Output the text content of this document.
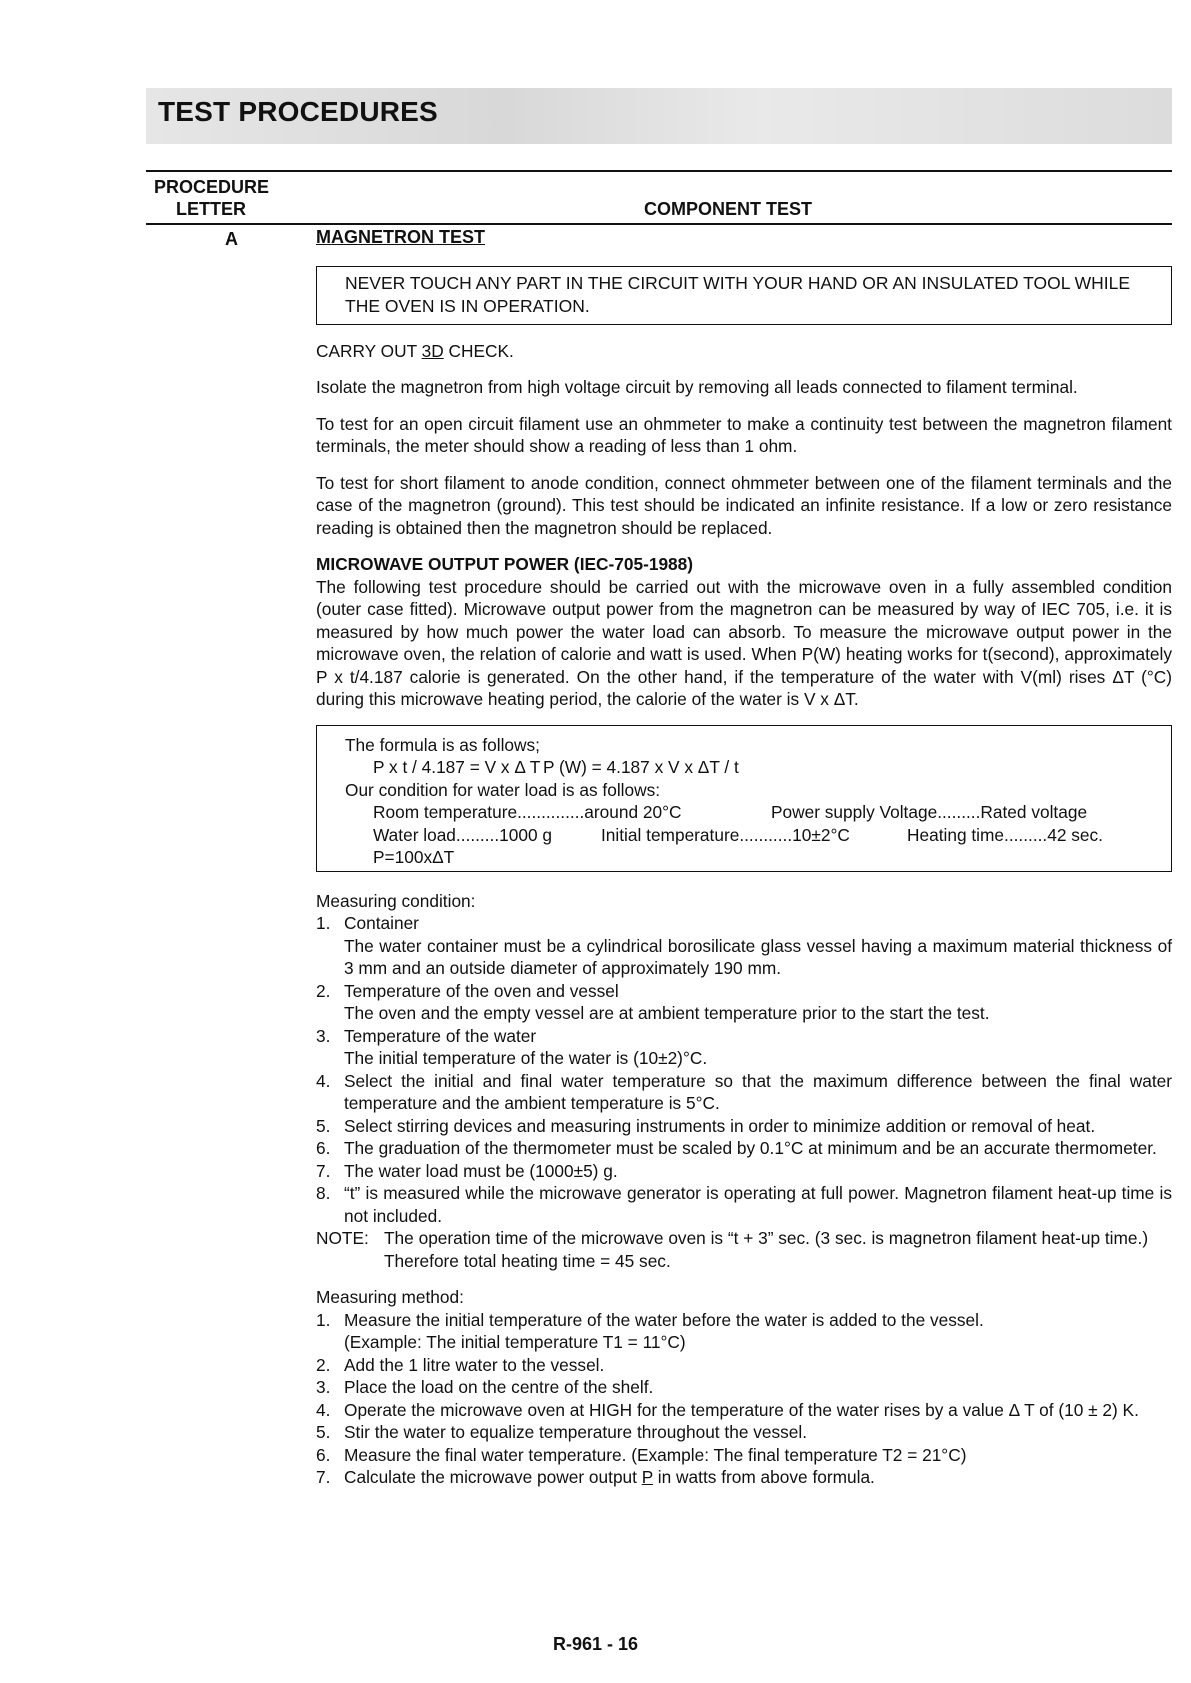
TEST PROCEDURES
PROCEDURE
LETTER	COMPONENT TEST
A	MAGNETRON TEST
NEVER TOUCH ANY PART IN THE CIRCUIT WITH YOUR HAND OR AN INSULATED TOOL WHILE THE OVEN IS IN OPERATION.

CARRY OUT 3D CHECK.

Isolate the magnetron from high voltage circuit by removing all leads connected to filament terminal.

To test for an open circuit filament use an ohmmeter to make a continuity test between the magnetron filament terminals, the meter should show a reading of less than 1 ohm.

To test for short filament to anode condition, connect ohmmeter between one of the filament terminals and the case of the magnetron (ground). This test should be indicated an infinite resistance. If a low or zero resistance reading is obtained then the magnetron should be replaced.

MICROWAVE OUTPUT POWER (IEC-705-1988)

The following test procedure should be carried out with the microwave oven in a fully assembled condition (outer case fitted). Microwave output power from the magnetron can be measured by way of IEC 705, i.e. it is measured by how much power the water load can absorb. To measure the microwave output power in the microwave oven, the relation of calorie and watt is used. When P(W) heating works for t(second), approximately P x t/4.187 calorie is generated. On the other hand, if the temperature of the water with V(ml) rises ΔT (°C) during this microwave heating period, the calorie of the water is V x ΔT.

The formula is as follows;
P x t / 4.187 = V x Δ T P (W) = 4.187 x V x ΔT / t
Our condition for water load is as follows:
Room temperature..............around 20°C	Power supply Voltage.........Rated voltage
Water load.........1000 g	Initial temperature...........10±2°C	Heating time.........42 sec.
P=100xΔT
Measuring condition:
1. Container
The water container must be a cylindrical borosilicate glass vessel having a maximum material thickness of 3 mm and an outside diameter of approximately 190 mm.
2. Temperature of the oven and vessel
The oven and the empty vessel are at ambient temperature prior to the start the test.
3. Temperature of the water
The initial temperature of the water is (10±2)°C.
4. Select the initial and final water temperature so that the maximum difference between the final water temperature and the ambient temperature is 5°C.
5. Select stirring devices and measuring instruments in order to minimize addition or removal of heat.
6. The graduation of the thermometer must be scaled by 0.1°C at minimum and be an accurate thermometer.
7. The water load must be (1000±5) g.
8. “t” is measured while the microwave generator is operating at full power. Magnetron filament heat-up time is not included.
NOTE: The operation time of the microwave oven is “t + 3” sec. (3 sec. is magnetron filament heat-up time.) Therefore total heating time = 45 sec.
Measuring method:
1. Measure the initial temperature of the water before the water is added to the vessel.
(Example: The initial temperature T1 = 11°C)
2. Add the 1 litre water to the vessel.
3. Place the load on the centre of the shelf.
4. Operate the microwave oven at HIGH for the temperature of the water rises by a value Δ T of (10 ± 2) K.
5. Stir the water to equalize temperature throughout the vessel.
6. Measure the final water temperature. (Example: The final temperature T2 = 21°C)
7. Calculate the microwave power output P in watts from above formula.
R-961 - 16
